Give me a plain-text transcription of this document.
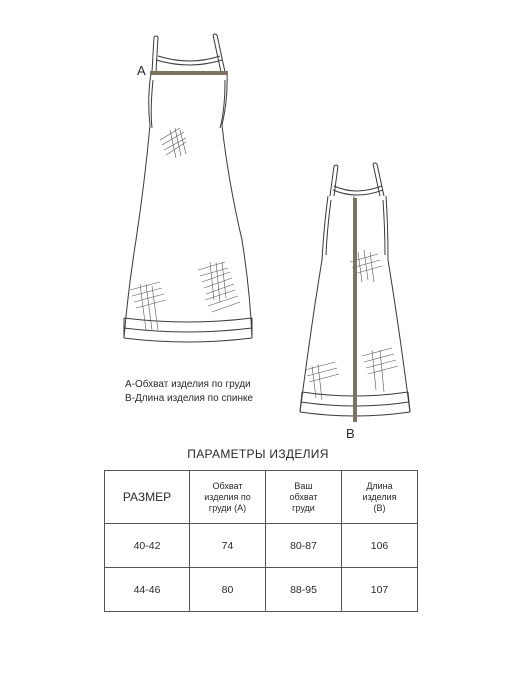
A
B
А-Обхват изделия по груди
В-Длина изделия по спинке
ПАРАМЕТРЫ ИЗДЕЛИЯ
РАЗМЕР	Обхват изделия по груди (А)	Ваш обхват груди	Длина изделия (В)

40-42	74	80-87	106
44-46	80	88-95	107
